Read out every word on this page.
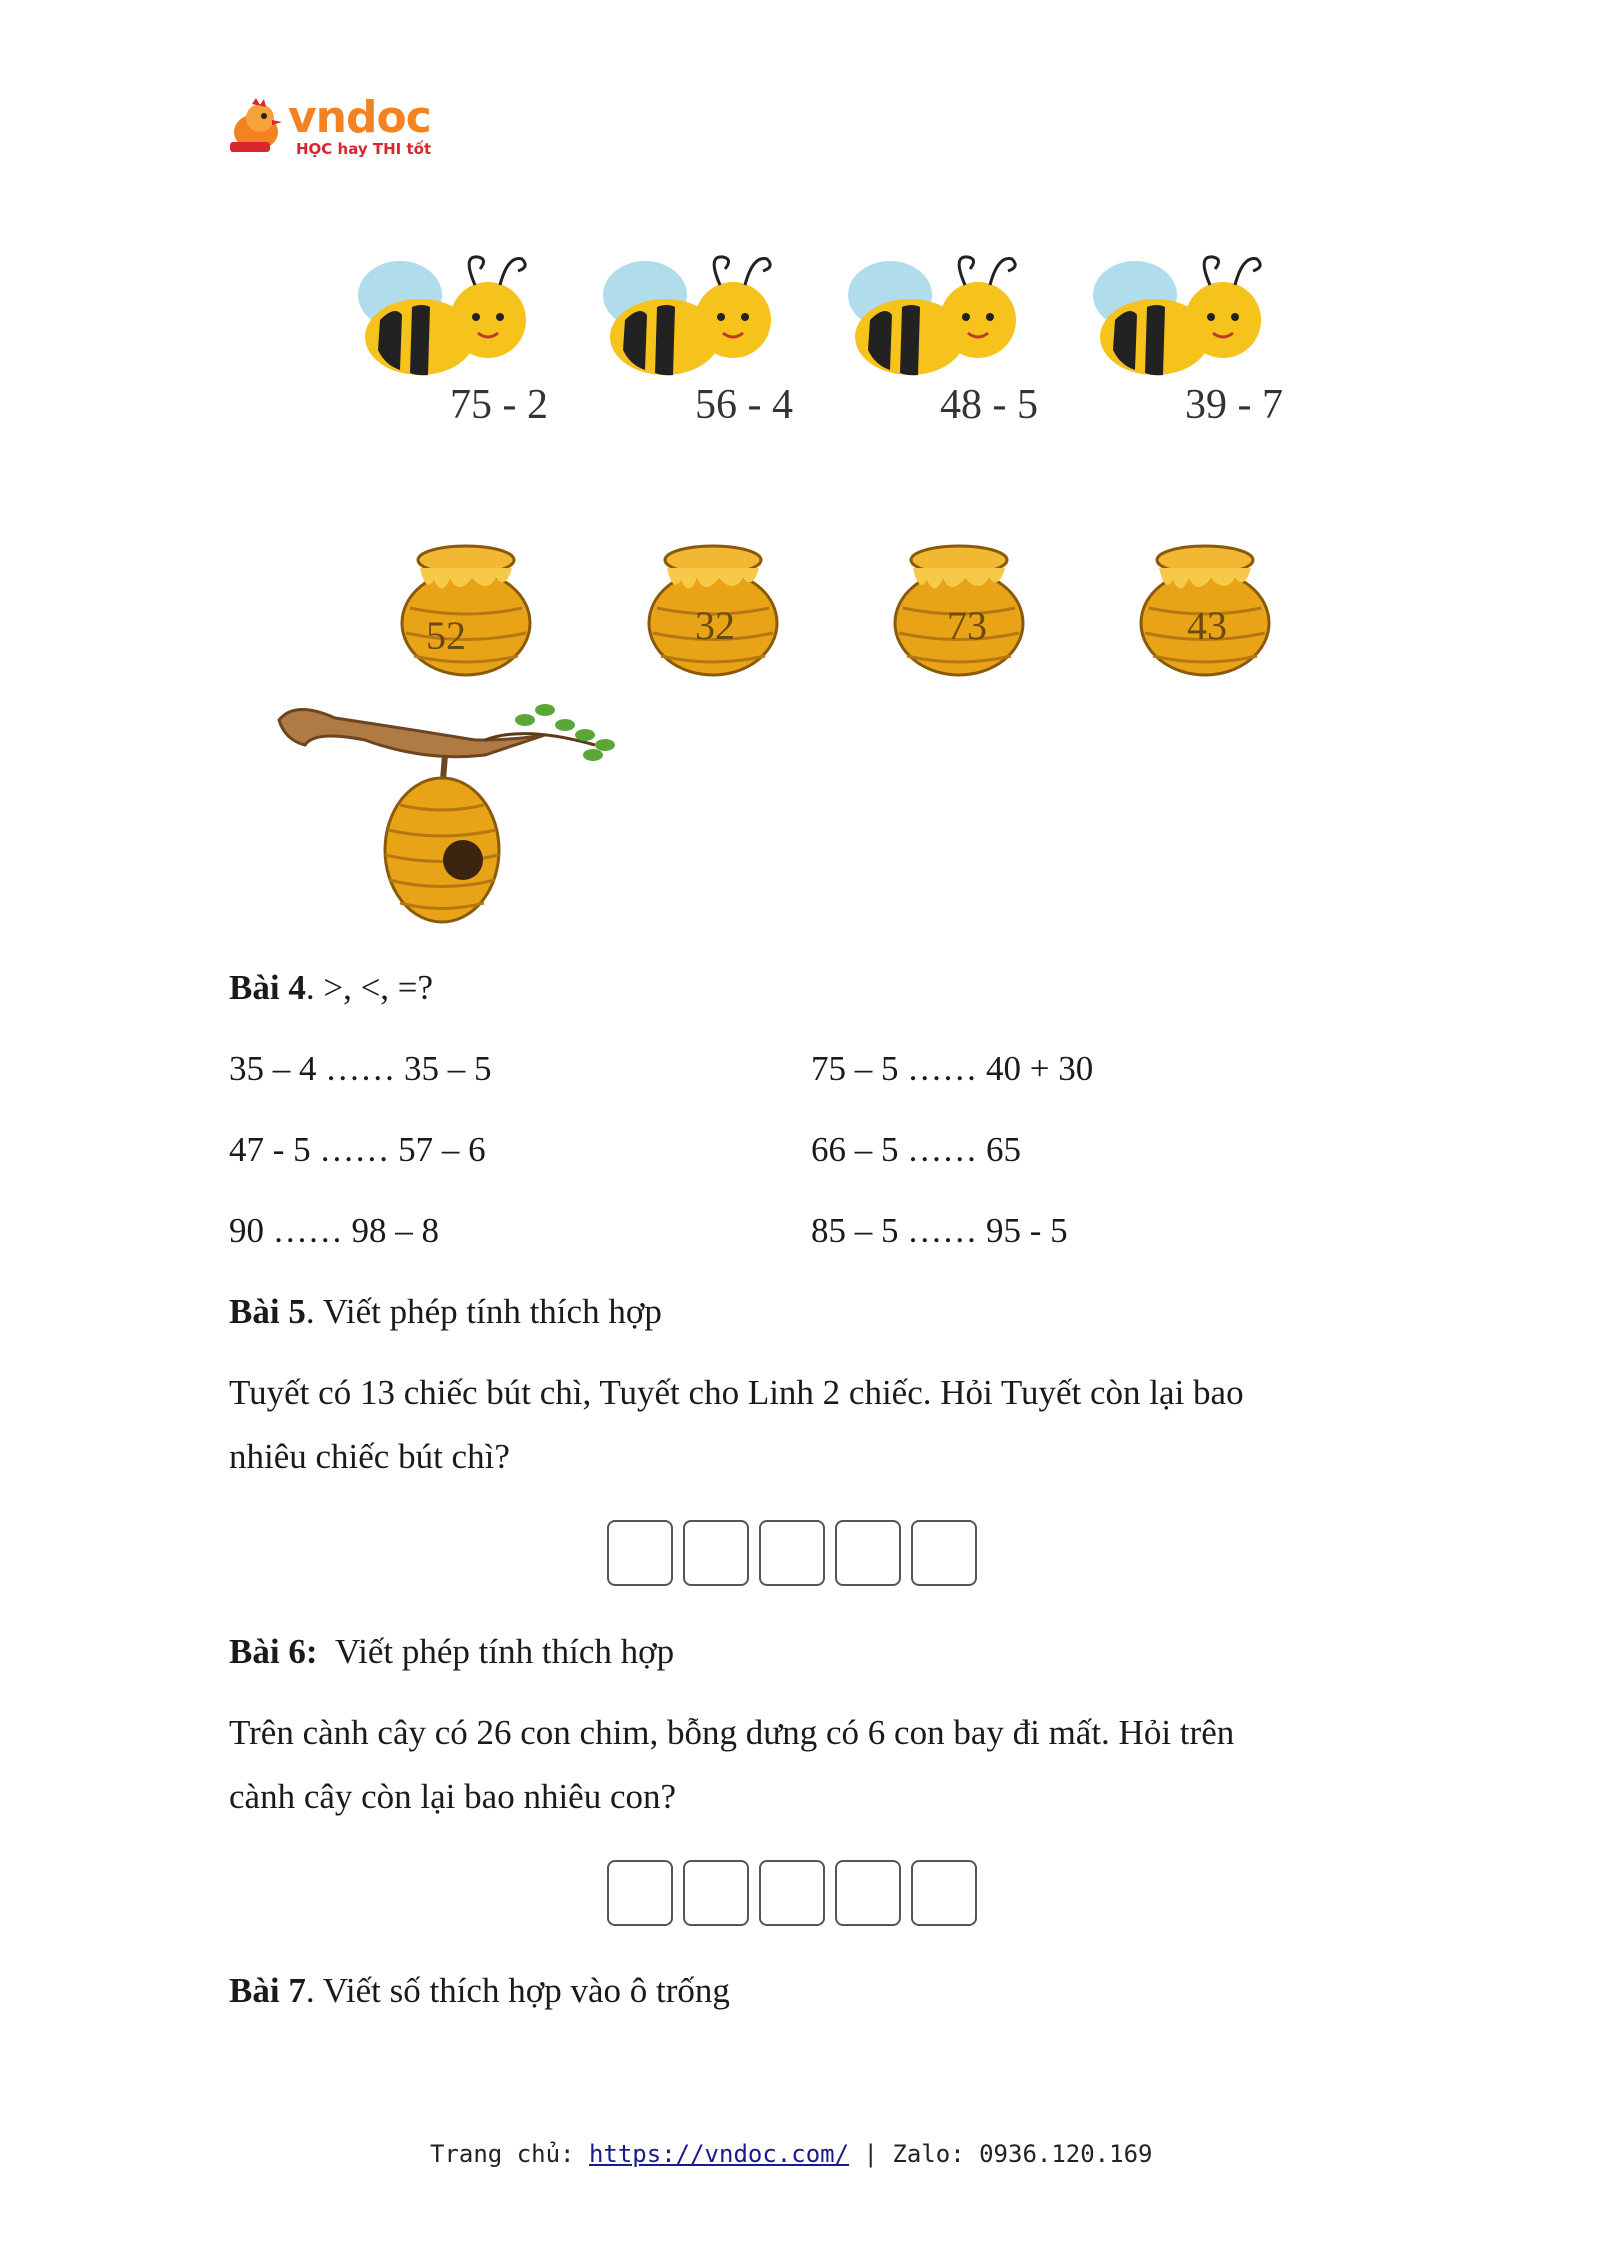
vndoc
HỌC hay THI tốt
75 - 2	56 - 4	48 - 5	39 - 7
52	32	73	43
Bài 4. >, <, =?
35 – 4 …… 35 – 5	75 – 5 …… 40 + 30
47 - 5 …… 57 – 6	66 – 5 …… 65
90 …… 98 – 8	85 – 5 …… 95 - 5
Bài 5. Viết phép tính thích hợp
Tuyết có 13 chiếc bút chì, Tuyết cho Linh 2 chiếc. Hỏi Tuyết còn lại bao
nhiêu chiếc bút chì?
Bài 6: Viết phép tính thích hợp
Trên cành cây có 26 con chim, bỗng dưng có 6 con bay đi mất. Hỏi trên
cành cây còn lại bao nhiêu con?
Bài 7. Viết số thích hợp vào ô trống
Trang chủ: https://vndoc.com/ | Zalo: 0936.120.169
